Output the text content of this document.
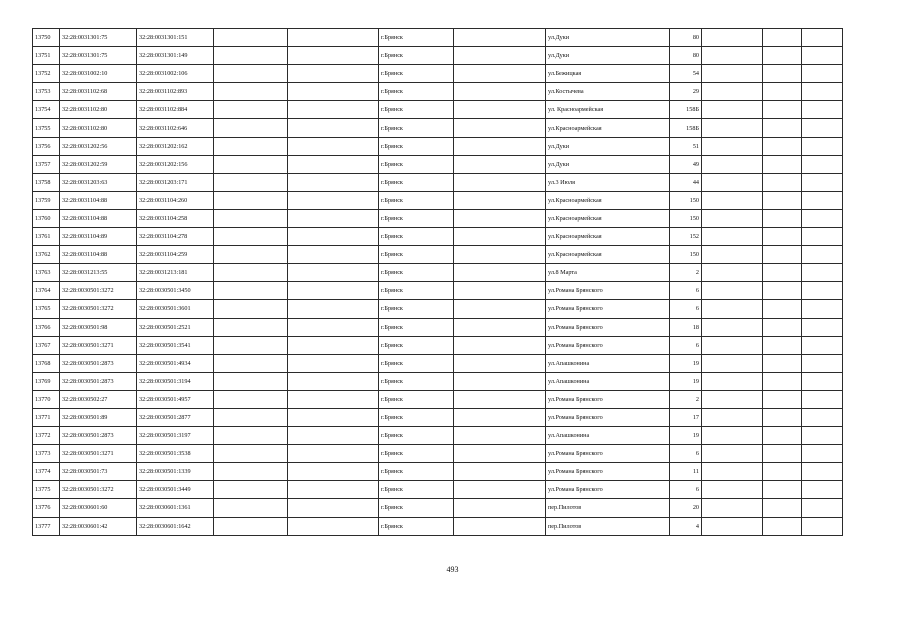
13750	32:28:0031301:75	32:28:0031301:151			г.Брянск		ул.Дуки	80			
13751	32:28:0031301:75	32:28:0031301:149			г.Брянск		ул.Дуки	80			
13752	32:28:0031002:10	32:28:0031002:106			г.Брянск		ул.Бежицкая	54			
13753	32:28:0031102:68	32:28:0031102:893			г.Брянск		ул.Костычева	29			
13754	32:28:0031102:80	32:28:0031102:884			г.Брянск		ул. Красноармейская	158Б			
13755	32:28:0031102:80	32:28:0031102:646			г.Брянск		ул.Красноармейская	158Б			
13756	32:28:0031202:56	32:28:0031202:162			г.Брянск		ул.Дуки	51			
13757	32:28:0031202:59	32:28:0031202:156			г.Брянск		ул.Дуки	49			
13758	32:28:0031203:63	32:28:0031203:171			г.Брянск		ул.3 Июля	44			
13759	32:28:0031104:88	32:28:0031104:260			г.Брянск		ул.Красноармейская	150			
13760	32:28:0031104:88	32:28:0031104:258			г.Брянск		ул.Красноармейская	150			
13761	32:28:0031104:89	32:28:0031104:278			г.Брянск		ул.Красноармейская	152			
13762	32:28:0031104:88	32:28:0031104:259			г.Брянск		ул.Красноармейская	150			
13763	32:28:0031213:55	32:28:0031213:181			г.Брянск		ул.8 Марта	2			
13764	32:28:0030501:3272	32:28:0030501:3450			г.Брянск		ул.Романа Брянского	6			
13765	32:28:0030501:3272	32:28:0030501:3601			г.Брянск		ул.Романа Брянского	6			
13766	32:28:0030501:98	32:28:0030501:2521			г.Брянск		ул.Романа Брянского	18			
13767	32:28:0030501:3271	32:28:0030501:3541			г.Брянск		ул.Романа Брянского	6			
13768	32:28:0030501:2873	32:28:0030501:4934			г.Брянск		ул.Апашконина	19			
13769	32:28:0030501:2873	32:28:0030501:3194			г.Брянск		ул.Апашконина	19			
13770	32:28:0030502:27	32:28:0030501:4957			г.Брянск		ул.Романа Брянского	2			
13771	32:28:0030501:89	32:28:0030501:2877			г.Брянск		ул.Романа Брянского	17			
13772	32:28:0030501:2873	32:28:0030501:3197			г.Брянск		ул.Апашконина	19			
13773	32:28:0030501:3271	32:28:0030501:3538			г.Брянск		ул.Романа Брянского	6			
13774	32:28:0030501:73	32:28:0030501:1339			г.Брянск		ул.Романа Брянского	11			
13775	32:28:0030501:3272	32:28:0030501:3449			г.Брянск		ул.Романа Брянского	6			
13776	32:28:0030601:60	32:28:0030601:1361			г.Брянск		пер.Пилотов	20			
13777	32:28:0030601:42	32:28:0030601:1642			г.Брянск		пер.Пилотов	4			
493
